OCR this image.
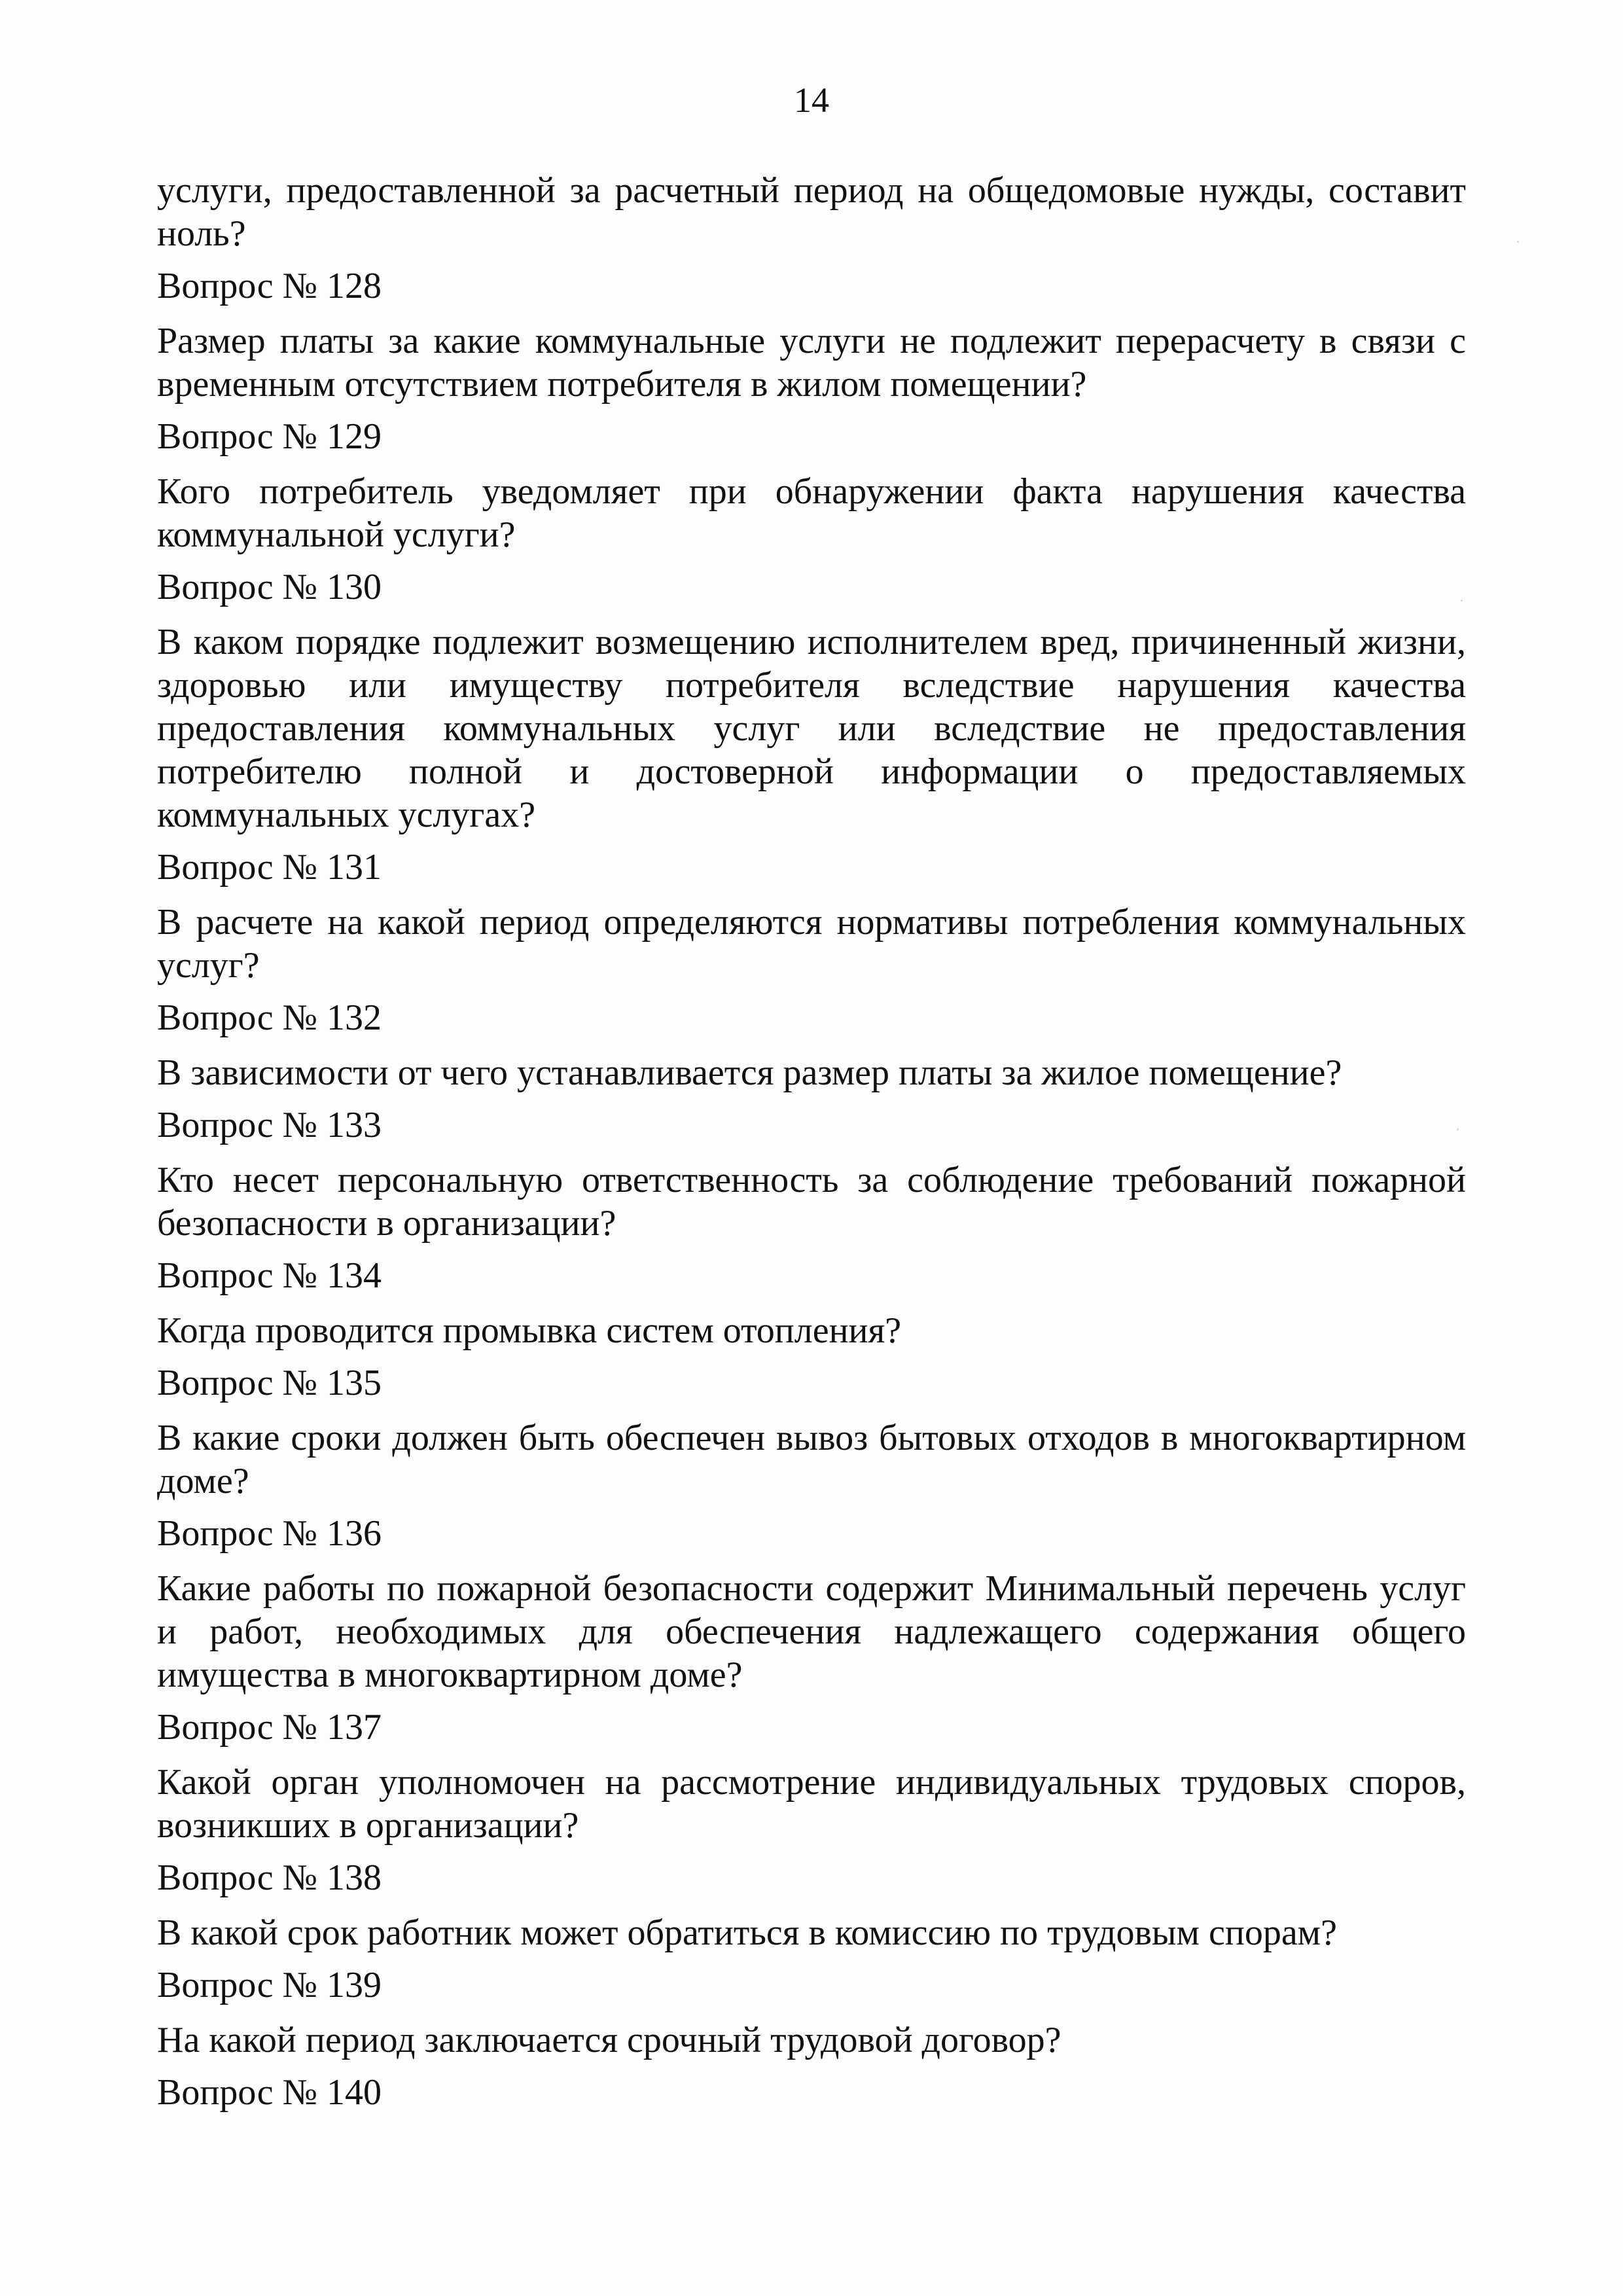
14

услуги, предоставленной за расчетный период на общедомовые нужды, составит ноль?

Вопрос № 128

Размер платы за какие коммунальные услуги не подлежит перерасчету в связи с временным отсутствием потребителя в жилом помещении?

Вопрос № 129

Кого потребитель уведомляет при обнаружении факта нарушения качества коммунальной услуги?

Вопрос № 130

В каком порядке подлежит возмещению исполнителем вред, причиненный жизни, здоровью или имуществу потребителя вследствие нарушения качества предоставления коммунальных услуг или вследствие не предоставления потребителю полной и достоверной информации о предоставляемых коммунальных услугах?

Вопрос № 131

В расчете на какой период определяются нормативы потребления коммунальных услуг?

Вопрос № 132

В зависимости от чего устанавливается размер платы за жилое помещение?

Вопрос № 133

Кто несет персональную ответственность за соблюдение требований пожарной безопасности в организации?

Вопрос № 134

Когда проводится промывка систем отопления?

Вопрос № 135

В какие сроки должен быть обеспечен вывоз бытовых отходов в многоквартирном доме?

Вопрос № 136

Какие работы по пожарной безопасности содержит Минимальный перечень услуг и работ, необходимых для обеспечения надлежащего содержания общего имущества в многоквартирном доме?

Вопрос № 137

Какой орган уполномочен на рассмотрение индивидуальных трудовых споров, возникших в организации?

Вопрос № 138

В какой срок работник может обратиться в комиссию по трудовым спорам?

Вопрос № 139

На какой период заключается срочный трудовой договор?

Вопрос № 140
